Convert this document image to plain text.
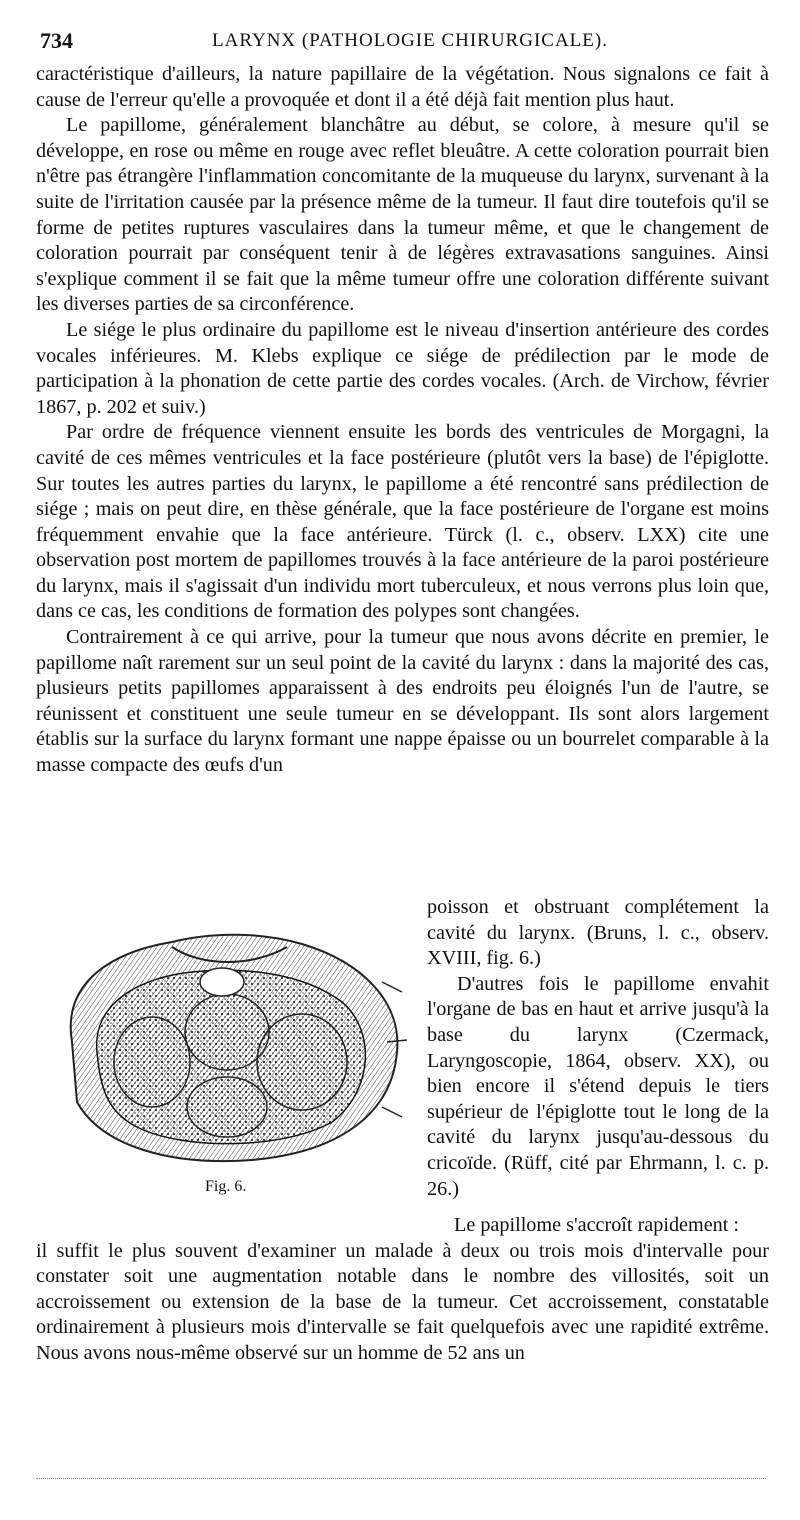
734	LARYNX (PATHOLOGIE CHIRURGICALE).

caractéristique d'ailleurs, la nature papillaire de la végétation. Nous signalons ce fait à cause de l'erreur qu'elle a provoquée et dont il a été déjà fait mention plus haut.

Le papillome, généralement blanchâtre au début, se colore, à mesure qu'il se développe, en rose ou même en rouge avec reflet bleuâtre. A cette coloration pourrait bien n'être pas étrangère l'inflammation concomitante de la muqueuse du larynx, survenant à la suite de l'irritation causée par la présence même de la tumeur. Il faut dire toutefois qu'il se forme de petites ruptures vasculaires dans la tumeur même, et que le changement de coloration pourrait par conséquent tenir à de légères extravasations sanguines. Ainsi s'explique comment il se fait que la même tumeur offre une coloration différente suivant les diverses parties de sa circonférence.

Le siége le plus ordinaire du papillome est le niveau d'insertion antérieure des cordes vocales inférieures. M. Klebs explique ce siége de prédilection par le mode de participation à la phonation de cette partie des cordes vocales. (Arch. de Virchow, février 1867, p. 202 et suiv.)

Par ordre de fréquence viennent ensuite les bords des ventricules de Morgagni, la cavité de ces mêmes ventricules et la face postérieure (plutôt vers la base) de l'épiglotte. Sur toutes les autres parties du larynx, le papillome a été rencontré sans prédilection de siége ; mais on peut dire, en thèse générale, que la face postérieure de l'organe est moins fréquemment envahie que la face antérieure. Türck (l. c., observ. LXX) cite une observation post mortem de papillomes trouvés à la face antérieure de la paroi postérieure du larynx, mais il s'agissait d'un individu mort tuberculeux, et nous verrons plus loin que, dans ce cas, les conditions de formation des polypes sont changées.

Contrairement à ce qui arrive, pour la tumeur que nous avons décrite en premier, le papillome naît rarement sur un seul point de la cavité du larynx : dans la majorité des cas, plusieurs petits papillomes apparaissent à des endroits peu éloignés l'un de l'autre, se réunissent et constituent une seule tumeur en se développant. Ils sont alors largement établis sur la surface du larynx formant une nappe épaisse ou un bourrelet comparable à la masse compacte des œufs d'un

Fig. 6.

poisson et obstruant complétement la cavité du larynx. (Bruns, l. c., observ. XVIII, fig. 6.)

D'autres fois le papillome envahit l'organe de bas en haut et arrive jusqu'à la base du larynx (Czermack, Laryngoscopie, 1864, observ. XX), ou bien encore il s'étend depuis le tiers supérieur de l'épiglotte tout le long de la cavité du larynx jusqu'au-dessous du cricoïde. (Rüff, cité par Ehrmann, l. c. p. 26.)

Le papillome s'accroît rapidement :

il suffit le plus souvent d'examiner un malade à deux ou trois mois d'intervalle pour constater soit une augmentation notable dans le nombre des villosités, soit un accroissement ou extension de la base de la tumeur. Cet accroissement, constatable ordinairement à plusieurs mois d'intervalle se fait quelquefois avec une rapidité extrême. Nous avons nous-même observé sur un homme de 52 ans un
